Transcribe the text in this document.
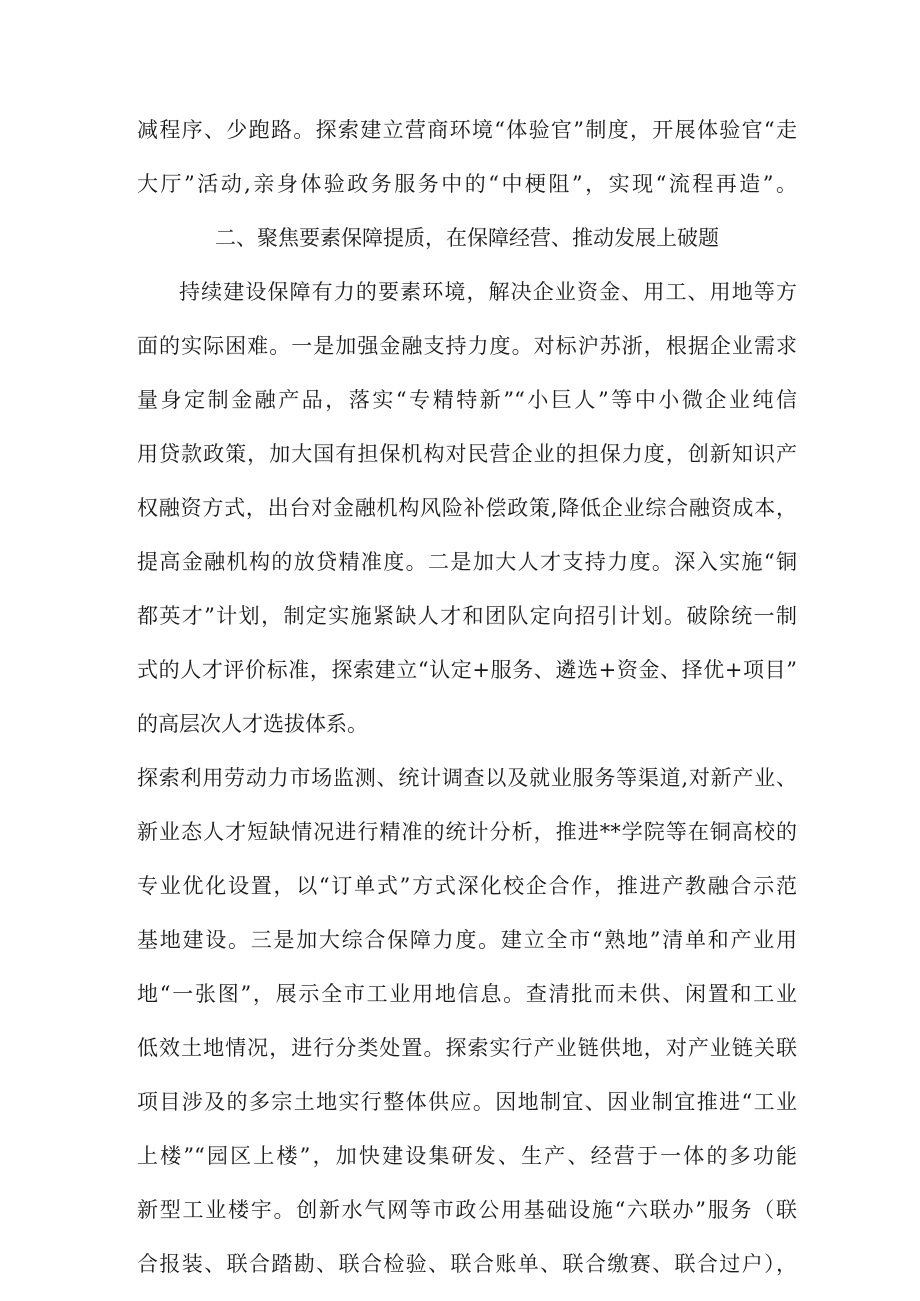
减程序、少跑路。探索建立营商环境“体验官”制度，开展体验官“走
大厅”活动,亲身体验政务服务中的“中梗阻”，实现“流程再造”。
二、聚焦要素保障提质，在保障经营、推动发展上破题
持续建设保障有力的要素环境，解决企业资金、用工、用地等方
面的实际困难。一是加强金融支持力度。对标沪苏浙，根据企业需求
量身定制金融产品，落实“专精特新”“小巨人”等中小微企业纯信
用贷款政策，加大国有担保机构对民营企业的担保力度，创新知识产
权融资方式，出台对金融机构风险补偿政策,降低企业综合融资成本，
提高金融机构的放贷精准度。二是加大人才支持力度。深入实施“铜
都英才”计划，制定实施紧缺人才和团队定向招引计划。破除统一制
式的人才评价标准，探索建立“认定+服务、遴选+资金、择优+项目”
的高层次人才选拔体系。
探索利用劳动力市场监测、统计调查以及就业服务等渠道,对新产业、
新业态人才短缺情况进行精准的统计分析，推进**学院等在铜高校的
专业优化设置，以“订单式”方式深化校企合作，推进产教融合示范
基地建设。三是加大综合保障力度。建立全市“熟地”清单和产业用
地“一张图”，展示全市工业用地信息。查清批而未供、闲置和工业
低效土地情况，进行分类处置。探索实行产业链供地，对产业链关联
项目涉及的多宗土地实行整体供应。因地制宜、因业制宜推进“工业
上楼”“园区上楼”，加快建设集研发、生产、经营于一体的多功能
新型工业楼宇。创新水气网等市政公用基础设施“六联办”服务（联
合报装、联合踏勘、联合检验、联合账单、联合缴赛、联合过户），
